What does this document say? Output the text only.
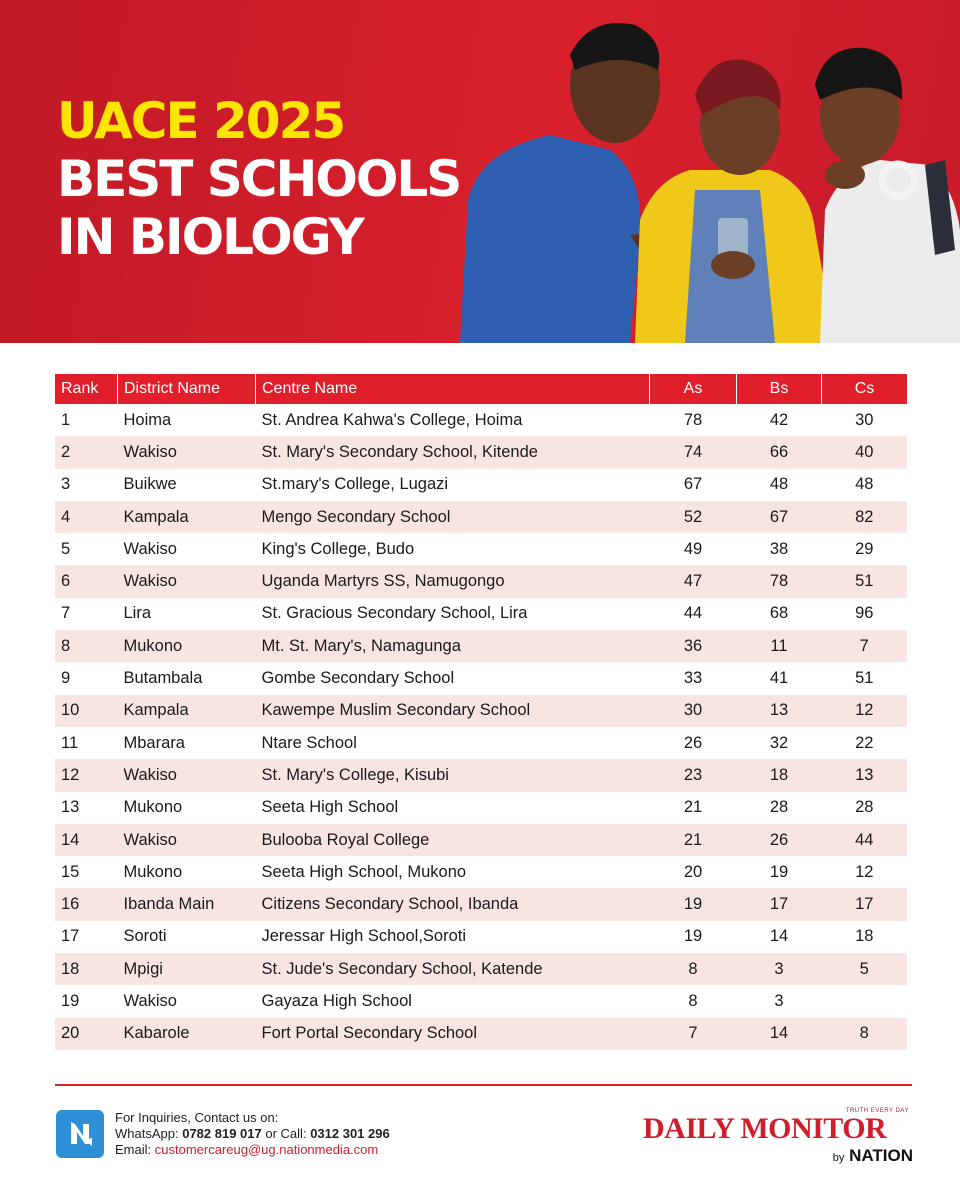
UACE 2025
BEST SCHOOLS
IN BIOLOGY
Rank	District Name	Centre Name	As	Bs	Cs
1	Hoima	St. Andrea Kahwa's College, Hoima	78	42	30
2	Wakiso	St. Mary's Secondary School, Kitende	74	66	40
3	Buikwe	St.mary's College, Lugazi	67	48	48
4	Kampala	Mengo Secondary School	52	67	82
5	Wakiso	King's College, Budo	49	38	29
6	Wakiso	Uganda Martyrs SS, Namugongo	47	78	51
7	Lira	St. Gracious Secondary School, Lira	44	68	96
8	Mukono	Mt. St. Mary's, Namagunga	36	11	7
9	Butambala	Gombe Secondary School	33	41	51
10	Kampala	Kawempe Muslim Secondary School	30	13	12
11	Mbarara	Ntare School	26	32	22
12	Wakiso	St. Mary's College, Kisubi	23	18	13
13	Mukono	Seeta High School	21	28	28
14	Wakiso	Bulooba Royal College	21	26	44
15	Mukono	Seeta High School, Mukono	20	19	12
16	Ibanda Main	Citizens Secondary School, Ibanda	19	17	17
17	Soroti	Jeressar High School,Soroti	19	14	18
18	Mpigi	St. Jude's Secondary School, Katende	8	3	5
19	Wakiso	Gayaza High School	8	3	
20	Kabarole	Fort Portal Secondary School	7	14	8
For Inquiries, Contact us on:
WhatsApp: 0782 819 017 or Call: 0312 301 296
Email: customercareug@ug.nationmedia.com
TRUTH EVERY DAY
DAILY MONITOR
by NATION
